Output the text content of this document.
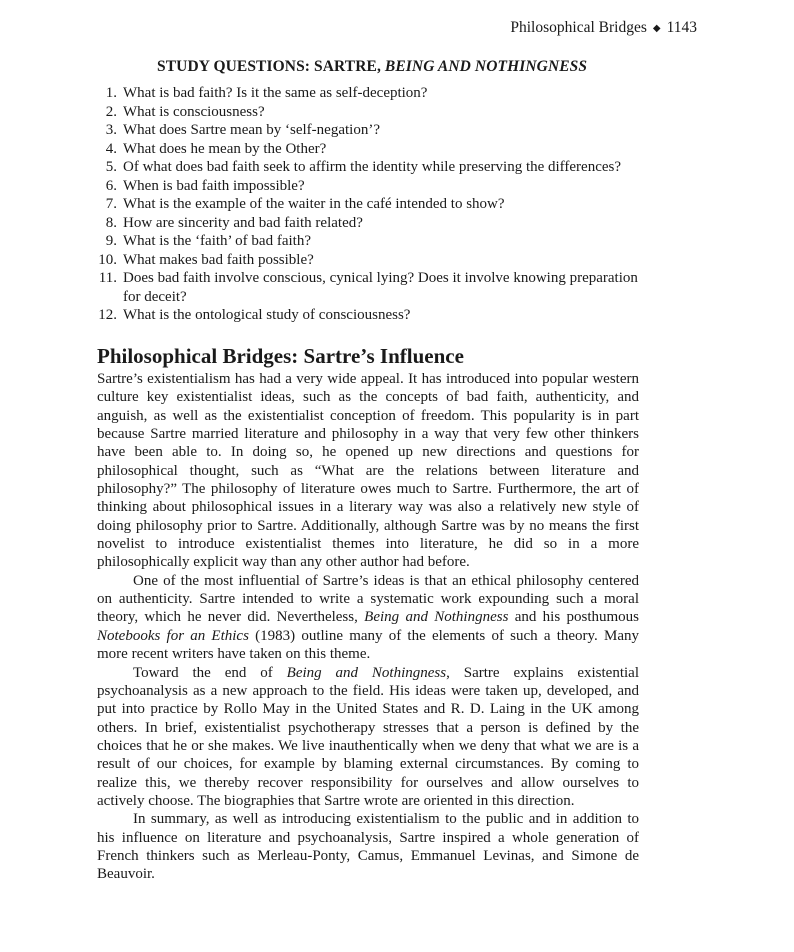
Philosophical Bridges ◆ 1143
STUDY QUESTIONS: SARTRE, BEING AND NOTHINGNESS
1. What is bad faith? Is it the same as self-deception?
2. What is consciousness?
3. What does Sartre mean by ‘self-negation’?
4. What does he mean by the Other?
5. Of what does bad faith seek to affirm the identity while preserving the differences?
6. When is bad faith impossible?
7. What is the example of the waiter in the café intended to show?
8. How are sincerity and bad faith related?
9. What is the ‘faith’ of bad faith?
10. What makes bad faith possible?
11. Does bad faith involve conscious, cynical lying? Does it involve knowing preparation for deceit?
12. What is the ontological study of consciousness?
Philosophical Bridges: Sartre’s Influence

Sartre’s existentialism has had a very wide appeal. It has introduced into popular western culture key existentialist ideas, such as the concepts of bad faith, authenticity, and anguish, as well as the existentialist conception of freedom. This popularity is in part because Sartre married literature and philosophy in a way that very few other thinkers have been able to. In doing so, he opened up new directions and questions for philosophical thought, such as “What are the relations between literature and philosophy?” The philosophy of literature owes much to Sartre. Furthermore, the art of thinking about philosophical issues in a literary way was also a relatively new style of doing philosophy prior to Sartre. Additionally, although Sartre was by no means the first novelist to introduce existentialist themes into literature, he did so in a more philosophically explicit way than any other author had before.

One of the most influential of Sartre’s ideas is that an ethical philosophy centered on authenticity. Sartre intended to write a systematic work expounding such a moral theory, which he never did. Nevertheless, Being and Nothingness and his posthumous Notebooks for an Ethics (1983) outline many of the elements of such a theory. Many more recent writers have taken on this theme.

Toward the end of Being and Nothingness, Sartre explains existential psychoanalysis as a new approach to the field. His ideas were taken up, developed, and put into practice by Rollo May in the United States and R. D. Laing in the UK among others. In brief, existentialist psychotherapy stresses that a person is defined by the choices that he or she makes. We live inauthentically when we deny that what we are is a result of our choices, for example by blaming external circumstances. By coming to realize this, we thereby recover responsibility for ourselves and allow ourselves to actively choose. The biographies that Sartre wrote are oriented in this direction.

In summary, as well as introducing existentialism to the public and in addition to his influence on literature and psychoanalysis, Sartre inspired a whole generation of French thinkers such as Merleau-Ponty, Camus, Emmanuel Levinas, and Simone de Beauvoir.
